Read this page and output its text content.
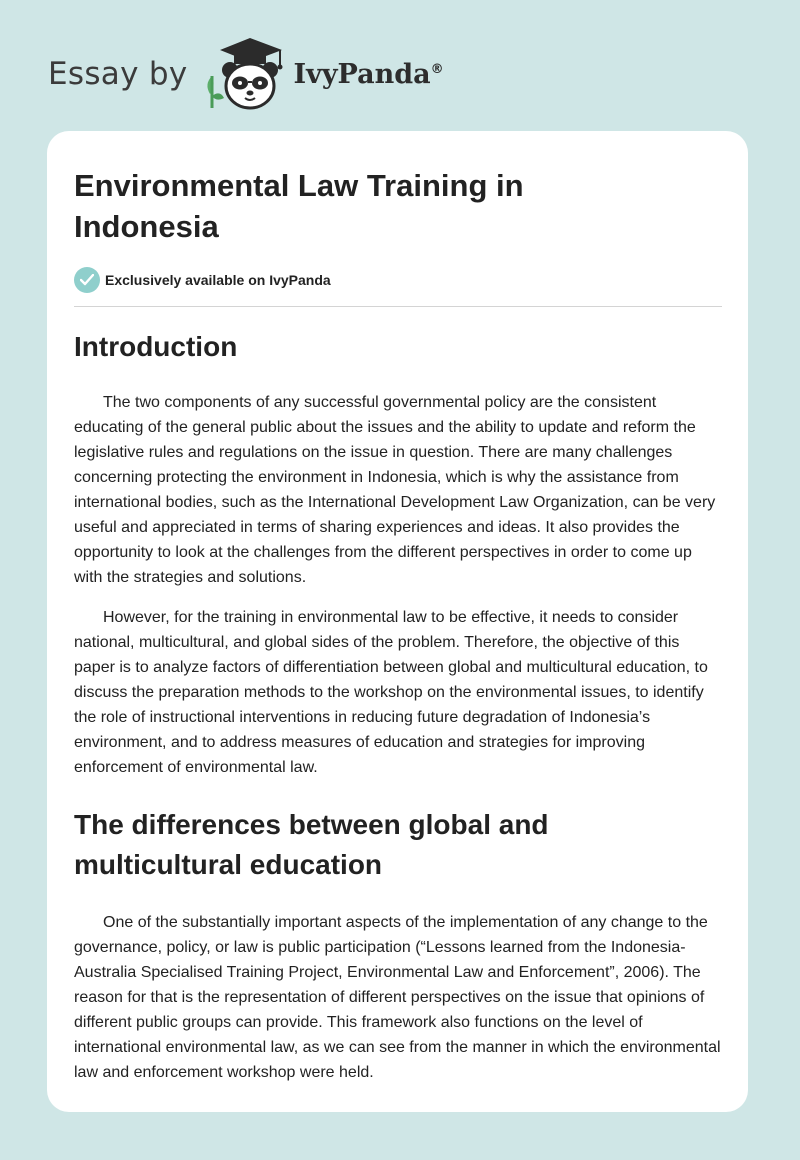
Essay by	IvyPanda®
Environmental Law Training in Indonesia
Exclusively available on IvyPanda
Introduction

The two components of any successful governmental policy are the consistent educating of the general public about the issues and the ability to update and reform the legislative rules and regulations on the issue in question. There are many challenges concerning protecting the environment in Indonesia, which is why the assistance from international bodies, such as the International Development Law Organization, can be very useful and appreciated in terms of sharing experiences and ideas. It also provides the opportunity to look at the challenges from the different perspectives in order to come up with the strategies and solutions.

However, for the training in environmental law to be effective, it needs to consider national, multicultural, and global sides of the problem. Therefore, the objective of this paper is to analyze factors of differentiation between global and multicultural education, to discuss the preparation methods to the workshop on the environmental issues, to identify the role of instructional interventions in reducing future degradation of Indonesia’s environment, and to address measures of education and strategies for improving enforcement of environmental law.

The differences between global and multicultural education

One of the substantially important aspects of the implementation of any change to the governance, policy, or law is public participation (“Lessons learned from the Indonesia-Australia Specialised Training Project, Environmental Law and Enforcement”, 2006). The reason for that is the representation of different perspectives on the issue that opinions of different public groups can provide. This framework also functions on the level of international environmental law, as we can see from the manner in which the environmental law and enforcement workshop were held.
